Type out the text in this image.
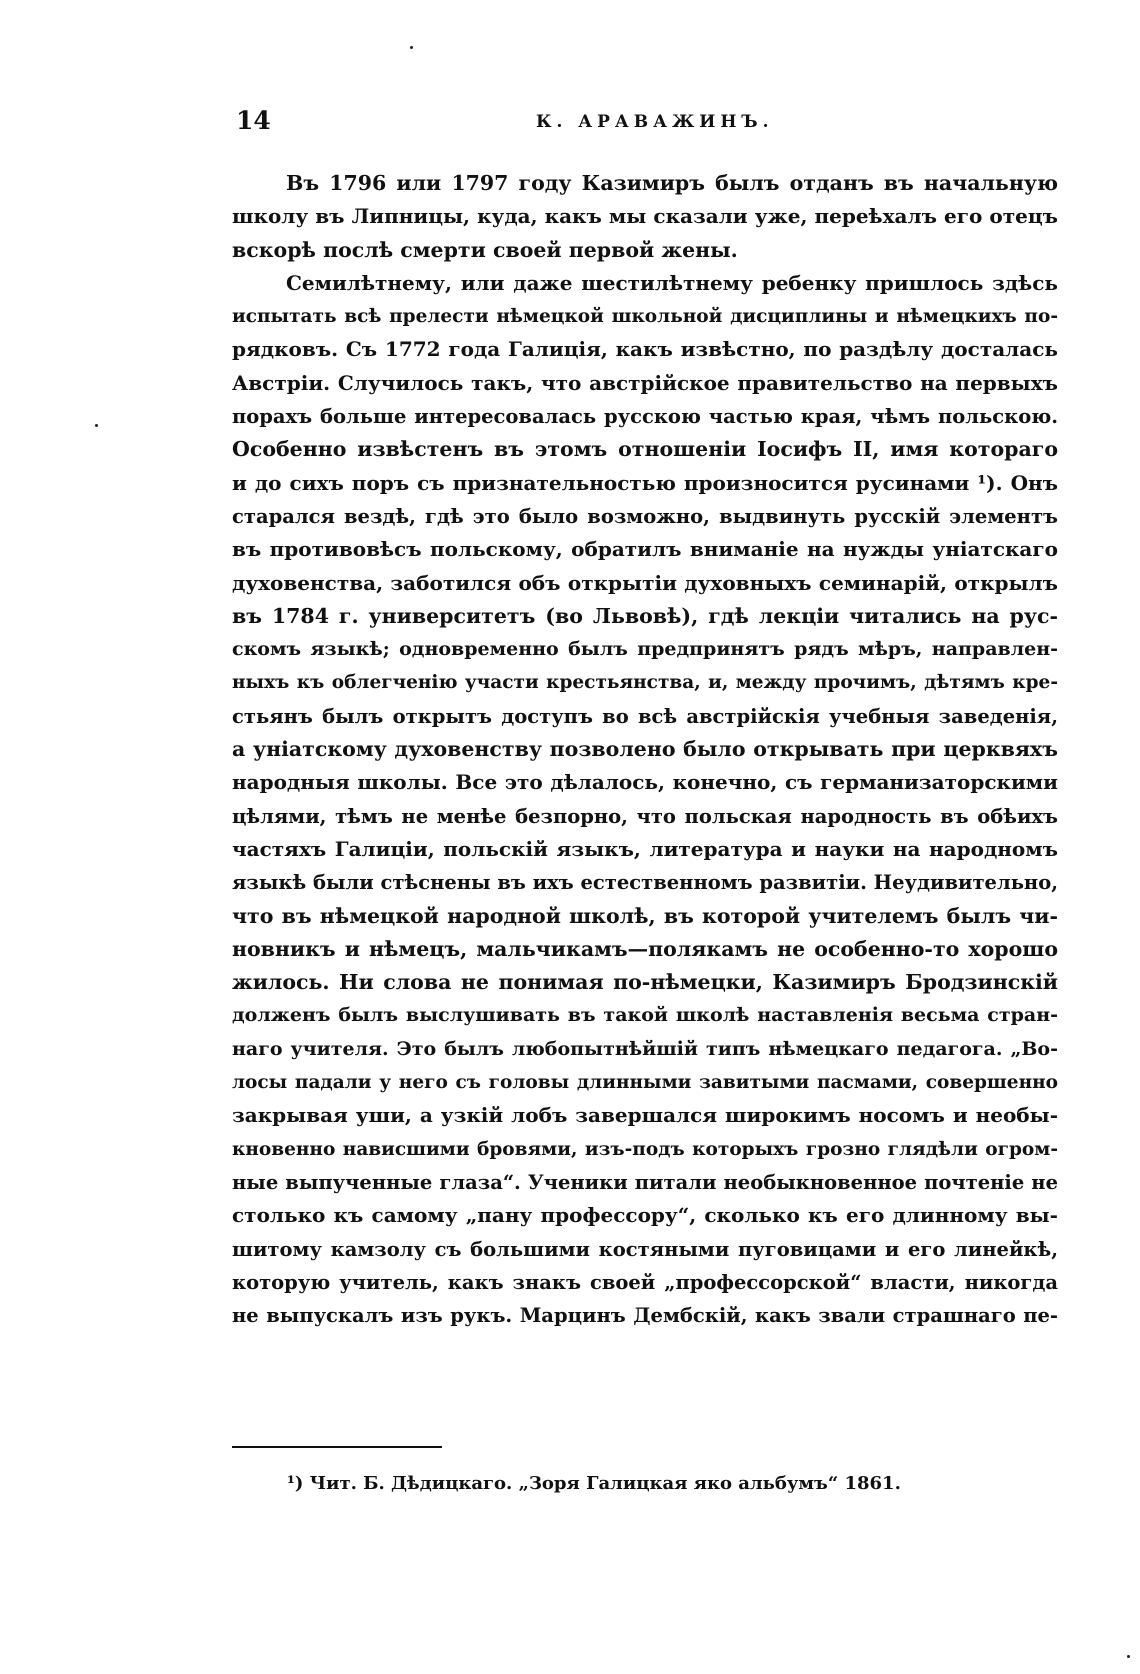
14	К. АРАВАЖИНЪ.
Въ 1796 или 1797 году Казимиръ былъ отданъ въ начальную
школу въ Липницы, куда, какъ мы сказали уже, переѣхалъ его отецъ
вскорѣ послѣ смерти своей первой жены.
Семилѣтнему, или даже шестилѣтнему ребенку пришлось здѣсь
испытать всѣ прелести нѣмецкой школьной дисциплины и нѣмецкихъ по-
рядковъ. Съ 1772 года Галиція, какъ извѣстно, по раздѣлу досталась
Австріи. Случилось такъ, что австрійское правительство на первыхъ
порахъ больше интересовалась русскою частью края, чѣмъ польскою.
Особенно извѣстенъ въ этомъ отношеніи Іосифъ II, имя котораго
и до сихъ поръ съ признательностью произносится русинами ¹). Онъ
старался вездѣ, гдѣ это было возможно, выдвинуть русскій элементъ
въ противовѣсъ польскому, обратилъ вниманіе на нужды уніатскаго
духовенства, заботился объ открытіи духовныхъ семинарій, открылъ
въ 1784 г. университетъ (во Львовѣ), гдѣ лекціи читались на рус-
скомъ языкѣ; одновременно былъ предпринятъ рядъ мѣръ, направлен-
ныхъ къ облегченію участи крестьянства, и, между прочимъ, дѣтямъ кре-
стьянъ былъ открытъ доступъ во всѣ австрійскія учебныя заведенія,
а уніатскому духовенству позволено было открывать при церквяхъ
народныя школы. Все это дѣлалось, конечно, съ германизаторскими
цѣлями, тѣмъ не менѣе безпорно, что польская народность въ обѣихъ
частяхъ Галиціи, польскій языкъ, литература и науки на народномъ
языкѣ были стѣснены въ ихъ естественномъ развитіи. Неудивительно,
что въ нѣмецкой народной школѣ, въ которой учителемъ былъ чи-
новникъ и нѣмецъ, мальчикамъ—полякамъ не особенно-то хорошо
жилось. Ни слова не понимая по-нѣмецки, Казимиръ Бродзинскій
долженъ былъ выслушивать въ такой школѣ наставленія весьма стран-
наго учителя. Это былъ любопытнѣйшій типъ нѣмецкаго педагога. „Во-
лосы падали у него съ головы длинными завитыми пасмами, совершенно
закрывая уши, а узкій лобъ завершался широкимъ носомъ и необы-
кновенно нависшими бровями, изъ-подъ которыхъ грозно глядѣли огром-
ные выпученные глаза“. Ученики питали необыкновенное почтеніе не
столько къ самому „пану профессору“, сколько къ его длинному вы-
шитому камзолу съ большими костяными пуговицами и его линейкѣ,
которую учитель, какъ знакъ своей „профессорской“ власти, никогда
не выпускалъ изъ рукъ. Марцинъ Дембскій, какъ звали страшнаго пе-
¹) Чит. Б. Дѣдицкаго. „Зоря Галицкая яко альбумъ“ 1861.
